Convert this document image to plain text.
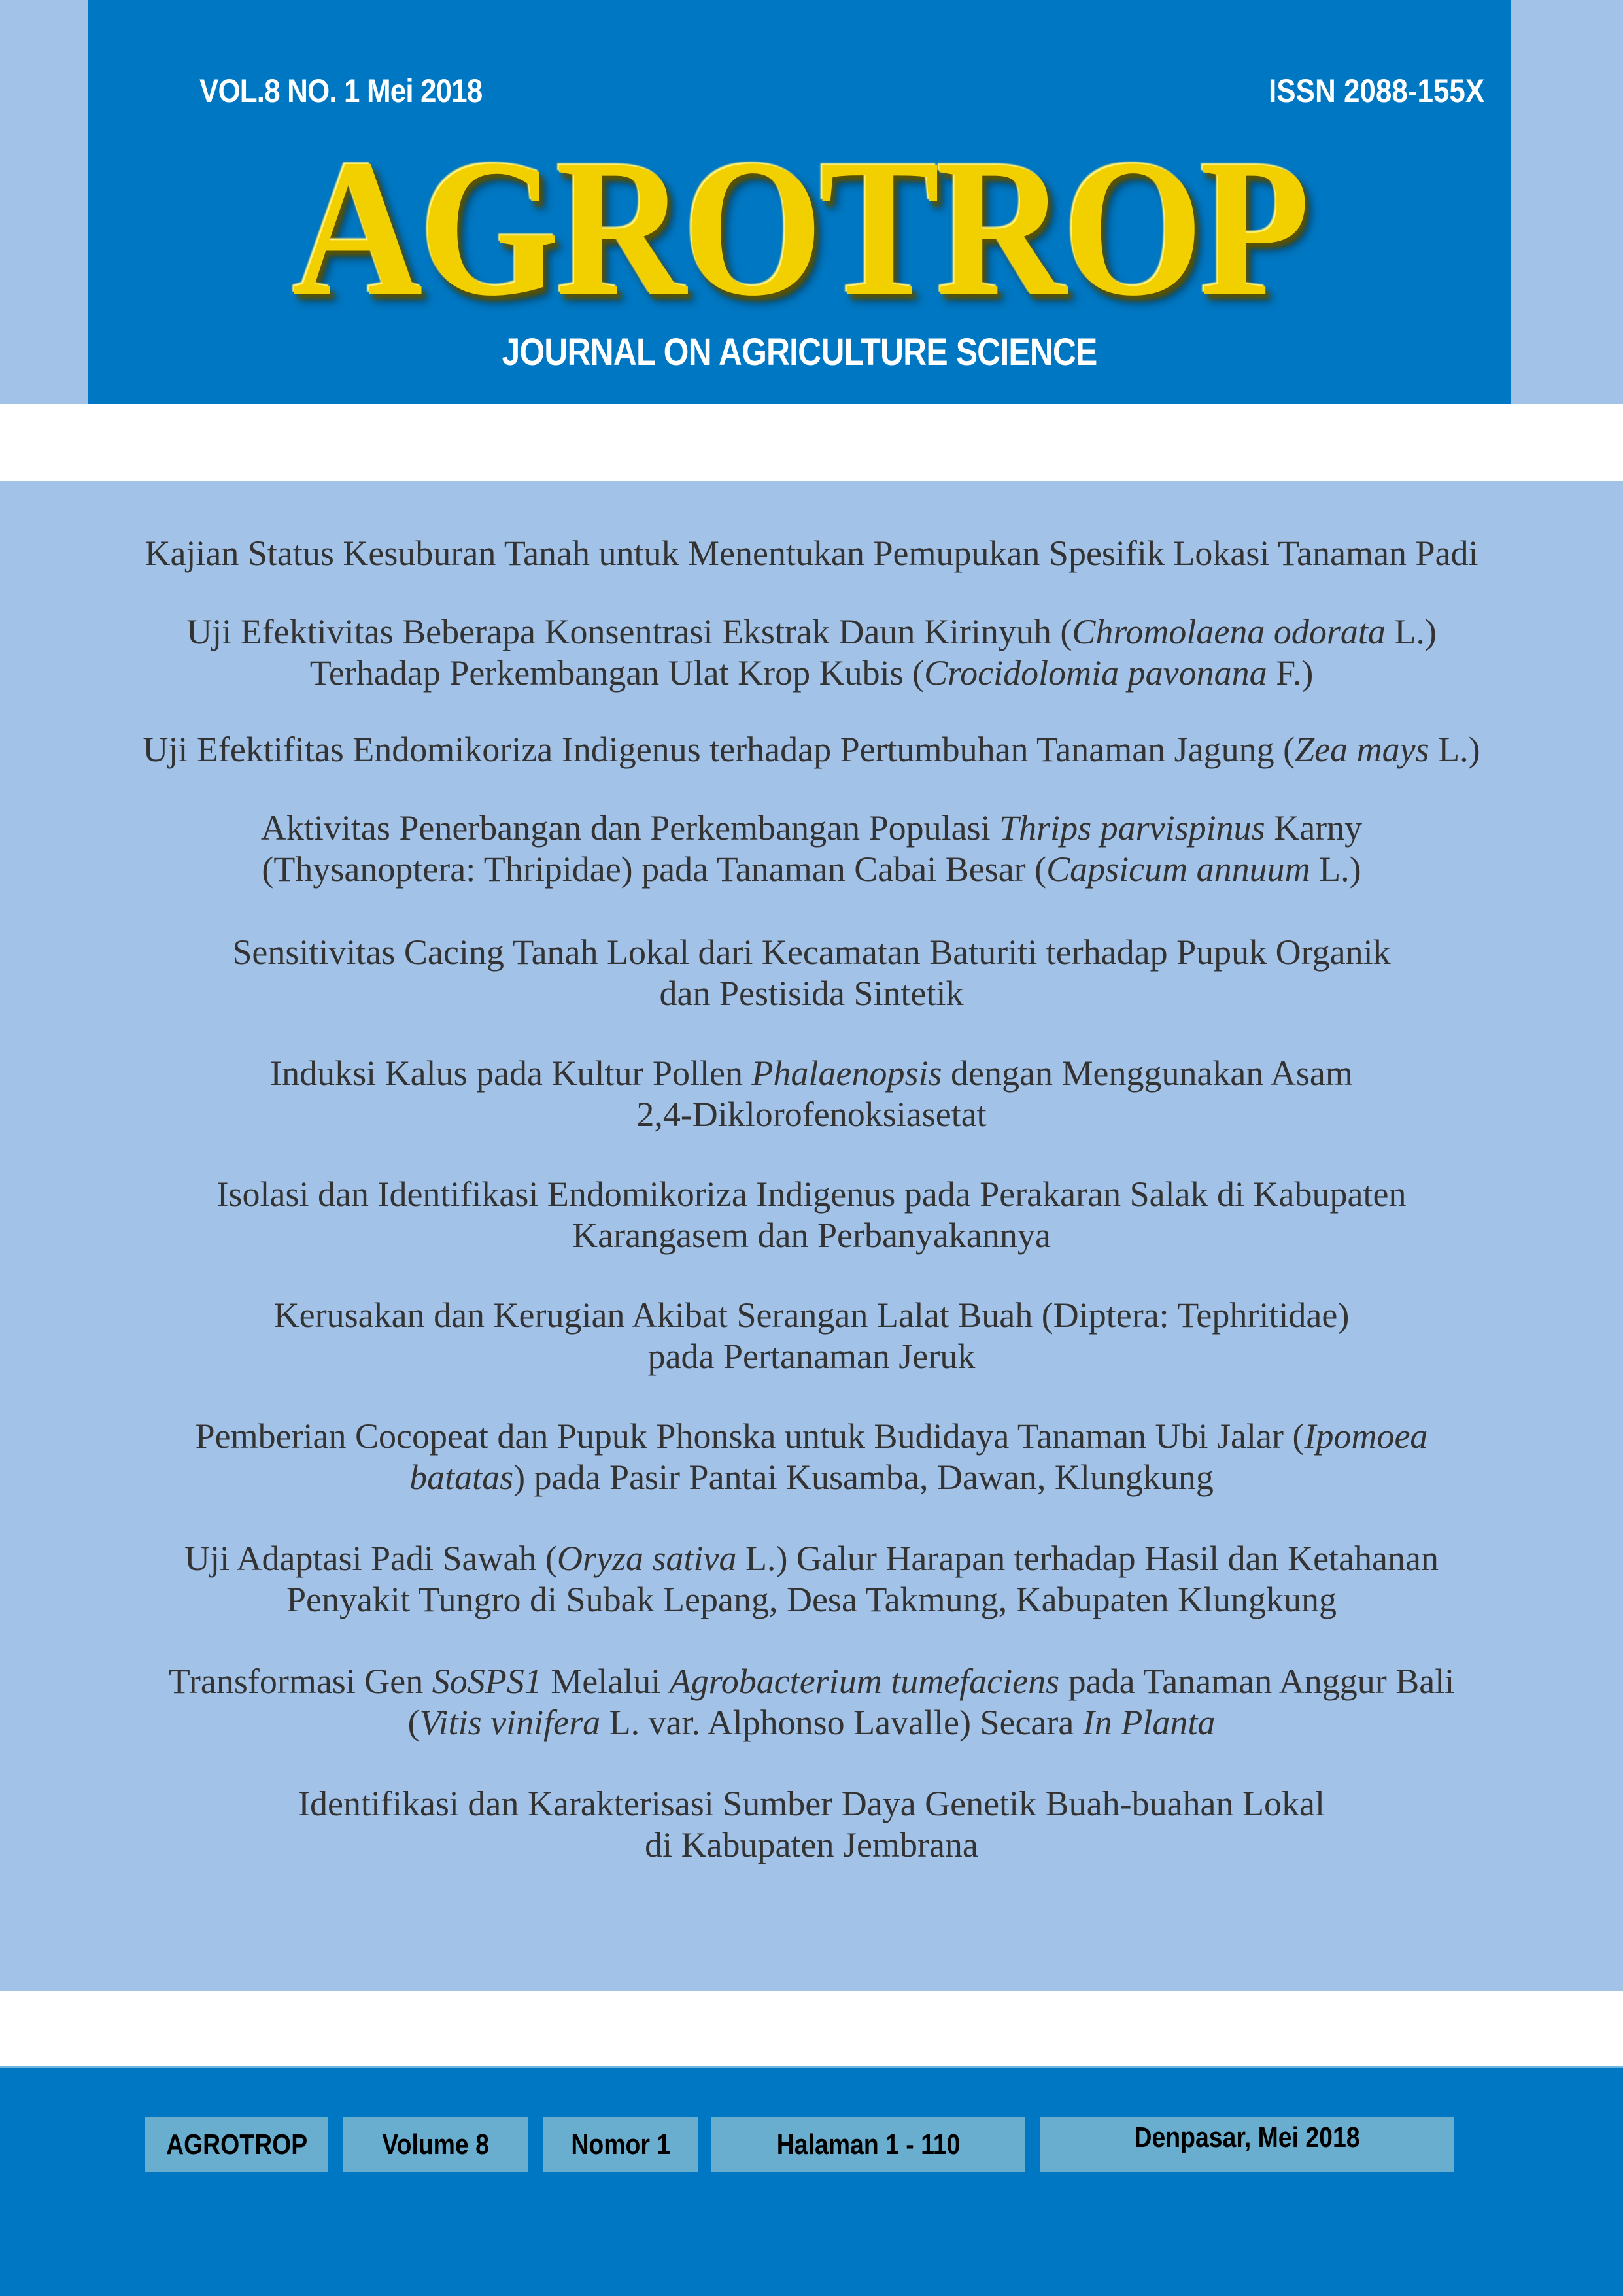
VOL.8 NO. 1 Mei 2018	ISSN 2088-155X
AGROTROP
JOURNAL ON AGRICULTURE SCIENCE
Kajian Status Kesuburan Tanah untuk Menentukan Pemupukan Spesifik Lokasi Tanaman Padi
Uji Efektivitas Beberapa Konsentrasi Ekstrak Daun Kirinyuh (Chromolaena odorata L.)
Terhadap Perkembangan Ulat Krop Kubis (Crocidolomia pavonana F.)
Uji Efektifitas Endomikoriza Indigenus terhadap Pertumbuhan Tanaman Jagung (Zea mays L.)
Aktivitas Penerbangan dan Perkembangan Populasi Thrips parvispinus Karny
(Thysanoptera: Thripidae) pada Tanaman Cabai Besar (Capsicum annuum L.)
Sensitivitas Cacing Tanah Lokal dari Kecamatan Baturiti terhadap Pupuk Organik
dan Pestisida Sintetik
Induksi Kalus pada Kultur Pollen Phalaenopsis dengan Menggunakan Asam
2,4-Diklorofenoksiasetat
Isolasi dan Identifikasi Endomikoriza Indigenus pada Perakaran Salak di Kabupaten
Karangasem dan Perbanyakannya
Kerusakan dan Kerugian Akibat Serangan Lalat Buah (Diptera: Tephritidae)
pada Pertanaman Jeruk
Pemberian Cocopeat dan Pupuk Phonska untuk Budidaya Tanaman Ubi Jalar (Ipomoea
batatas) pada Pasir Pantai Kusamba, Dawan, Klungkung
Uji Adaptasi Padi Sawah (Oryza sativa L.) Galur Harapan terhadap Hasil dan Ketahanan
Penyakit Tungro di Subak Lepang, Desa Takmung, Kabupaten Klungkung
Transformasi Gen SoSPS1 Melalui Agrobacterium tumefaciens pada Tanaman Anggur Bali
(Vitis vinifera L. var. Alphonso Lavalle) Secara In Planta
Identifikasi dan Karakterisasi Sumber Daya Genetik Buah-buahan Lokal
di Kabupaten Jembrana
AGROTROP	Volume 8	Nomor 1	Halaman 1 - 110	Denpasar, Mei 2018
